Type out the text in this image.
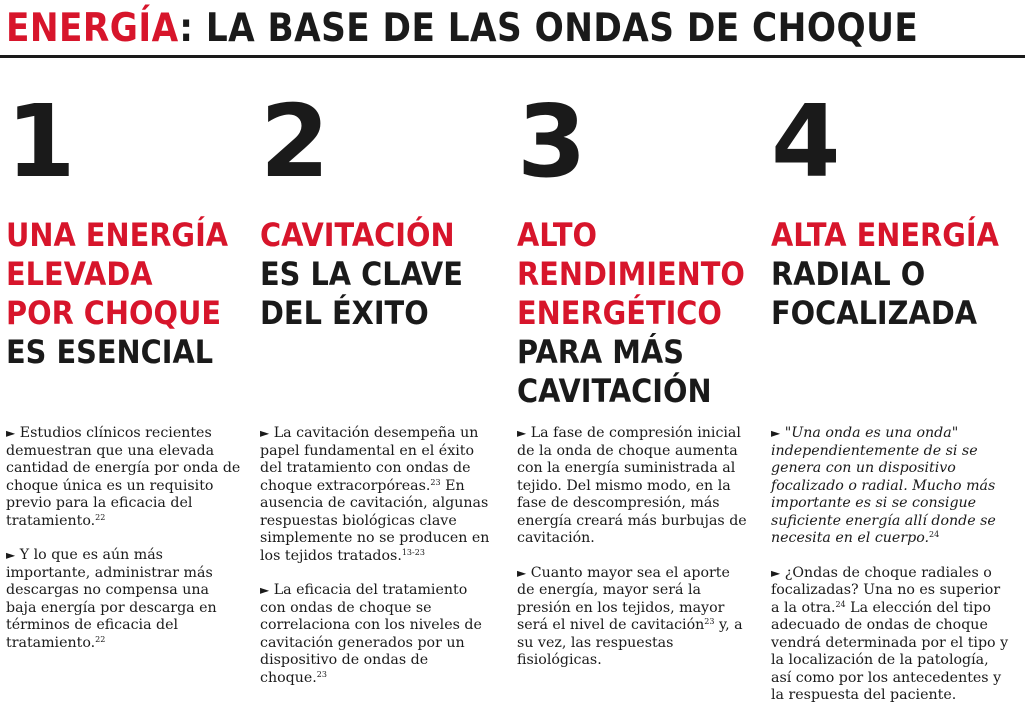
ENERGÍA: LA BASE DE LAS ONDAS DE CHOQUE
1
UNA ENERGÍA
ELEVADA
POR CHOQUE
ES ESENCIAL

► Estudios clínicos recientes demuestran que una elevada cantidad de energía por onda de choque única es un requisito previo para la eficacia del tratamiento.$^{22}$

► Y lo que es aún más importante, administrar más descargas no compensa una baja energía por descarga en términos de eficacia del tratamiento.$^{22}$

2
CAVITACIÓN
ES LA CLAVE
DEL ÉXITO

► La cavitación desempeña un papel fundamental en el éxito del tratamiento con ondas de choque extracorpóreas.$^{23}$ En ausencia de cavitación, algunas respuestas biológicas clave simplemente no se producen en los tejidos tratados.$^{13-23}$

► La eficacia del tratamiento con ondas de choque se correlaciona con los niveles de cavitación generados por un dispositivo de ondas de choque.$^{23}$

3
ALTO
RENDIMIENTO
ENERGÉTICO
PARA MÁS
CAVITACIÓN

► La fase de compresión inicial de la onda de choque aumenta con la energía suministrada al tejido. Del mismo modo, en la fase de descompresión, más energía creará más burbujas de cavitación.

► Cuanto mayor sea el aporte de energía, mayor será la presión en los tejidos, mayor será el nivel de cavitación$^{23}$ y, a su vez, las respuestas fisiológicas.

4
ALTA ENERGÍA
RADIAL O
FOCALIZADA

► "Una onda es una onda" independientemente de si se genera con un dispositivo focalizado o radial. Mucho más importante es si se consigue suficiente energía allí donde se necesita en el cuerpo.$^{24}$

► ¿Ondas de choque radiales o focalizadas? Una no es superior a la otra.$^{24}$ La elección del tipo adecuado de ondas de choque vendrá determinada por el tipo y la localización de la patología, así como por los antecedentes y la respuesta del paciente.
